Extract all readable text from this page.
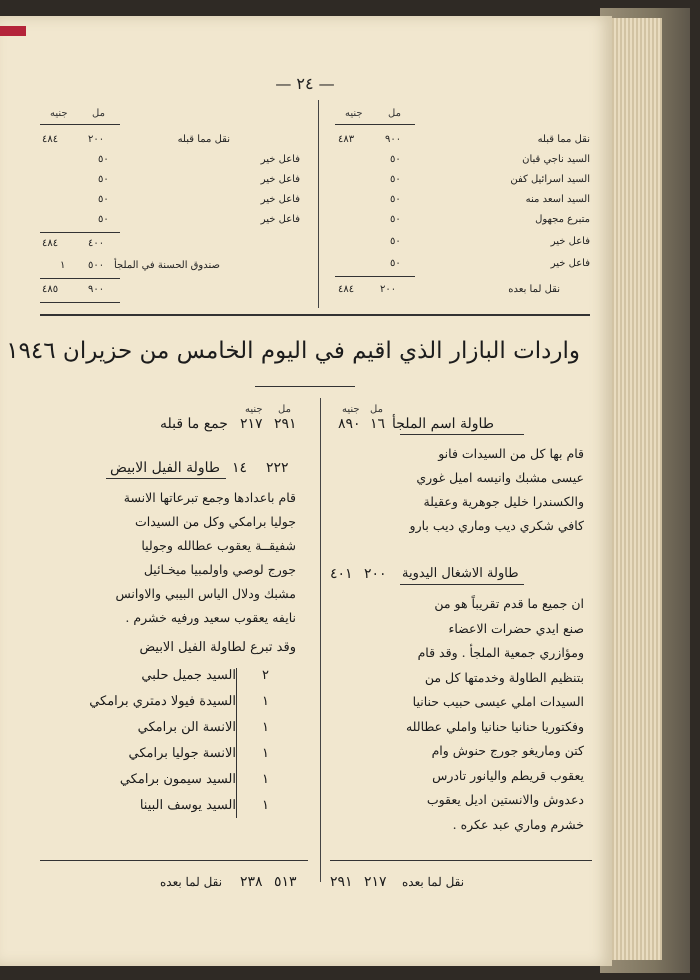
— ٢٤ —
جنيه	مل
نقل مما قبله
٩٠٠
٤٨٣
السيد ناجي قبان
٥٠
السيد اسرائيل كفن
٥٠
السيد اسعد منه
٥٠
متبرع مجهول
٥٠
فاعل خير
٥٠
فاعل خير
٥٠
نقل لما بعده
٢٠٠
٤٨٤
جنيه مل
نقل مما قبله
٢٠٠
٤٨٤
فاعل خير
٥٠
فاعل خير
٥٠
فاعل خير
٥٠
فاعل خير
٥٠
٤٠٠
٤٨٤
صندوق الحسنة في الملجأ
٥٠٠
١
٩٠٠
٤٨٥
واردات البازار الذي اقيم في اليوم الخامس من حزيران ١٩٤٦
جنيه مل
٨٩٠ ١٦ طاولة اسم الملجأ

قام بها كل من السيدات فانو

عيسى مشبك وانيسه اميل غوري

والكسندرا خليل جوهرية وعقيلة

كافي شكري ديب وماري ديب بارو

٤٠١ ٢٠٠ طاولة الاشغال اليدوية

ان جميع ما قدم تقريباً هو من

صنع ايدي حضرات الاعضاء

ومؤازري جمعية الملجأ . وقد قام

بتنظيم الطاولة وخدمتها كل من

السيدات املي عيسى حبيب حنانيا

وفكتوريا حنانيا حنانيا واملي عطالله

كتن وماريغو جورج حنوش وام

يعقوب قريطم واليانور تادرس

دعدوش والانستين اديل يعقوب

خشرم وماري عبد عكره .

٢٩١ ٢١٧ نقل لما بعده
جنيه مل
٢٩١
٢١٧
جمع ما قبله
٢٢٢
١٤
طاولة الفيل الابيض

قام باعدادها وجمع تبرعاتها الانسة

جوليا برامكي وكل من السيدات

شفيقــة يعقوب عطالله وجوليا

جورج لوصي واولمبيا ميخـائيل

مشبك ودلال الياس البيبي والاوانس

نايفه يعقوب سعيد ورفيه خشرم .

وقد تبرع لطاولة الفيل الابيض
السيد جميل حلبي ٢
السيدة فيولا دمتري برامكي ١
الانسة الن برامكي ١
الانسة جوليا برامكي ١
السيد سيمون برامكي ١
السيد يوسف البينا ١
٥١٣
٢٣٨
نقل لما بعده
